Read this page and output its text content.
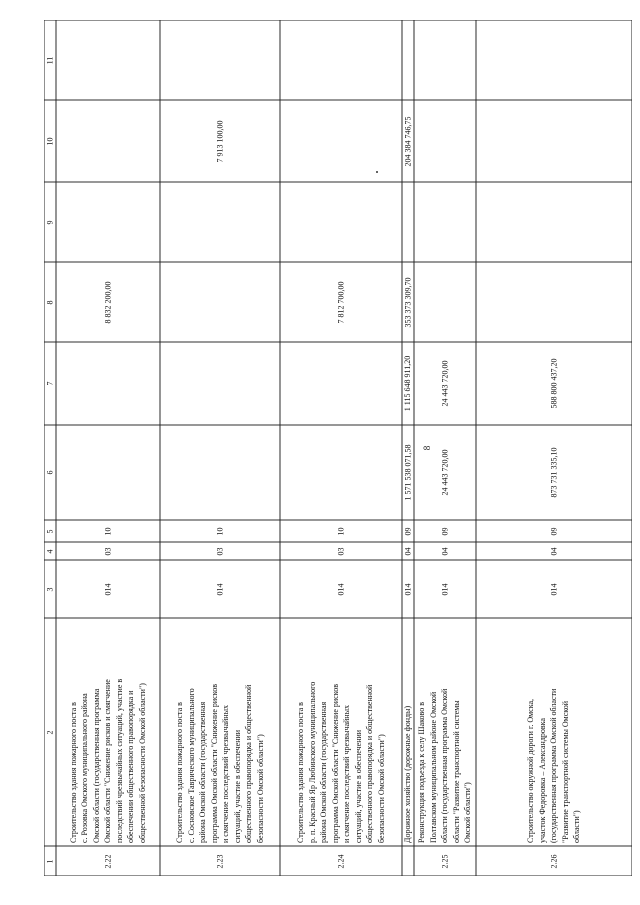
8
1
2
3
4
5
6
7
8
9
10
11
2.22
Строительство здания пожарного поста в
с. Розовка Омского муниципального района
Омской области (государственная программа
Омской области "Снижение рисков и смягчение
последствий чрезвычайных ситуаций, участие в
обеспечении общественного правопорядка и
общественной безопасности Омской области")
014
03
10
8 832 200,00
2.23
Строительство здания пожарного поста в
с. Сосновское Таврического муниципального
района Омской области (государственная
программа Омской области "Снижение рисков
и смягчение последствий чрезвычайных
ситуаций, участие в обеспечении
общественного правопорядка и общественной
безопасности Омской области")
014
03
10
7 913 100,00
2.24
Строительство здания пожарного поста в
р. п. Красный Яр Любинского муниципального
района Омской области (государственная
программа Омской области "Снижение рисков
и смягчение последствий чрезвычайных
ситуаций, участие в обеспечении
общественного правопорядка и общественной
безопасности Омской области")
014
03
10
7 812 700,00
Дорожное хозяйство (дорожные фонды)
014
04
09
1 571 538 071,58
1 115 648 911,20
353 373 309,70
204 384 746,75
2.25
Реконструкция подъезда к селу Шаково в
Полтавском муниципальном районе Омской
области (государственная программа Омской
области "Развитие транспортной системы
Омской области")
014
04
09
24 443 720,00
24 443 720,00
2.26
Строительство окружной дороги г. Омска,
участок Федоровка – Александровка
(государственная программа Омской области
"Развитие транспортной системы Омской
области")
014
04
09
873 731 335,10
588 800 437,20
